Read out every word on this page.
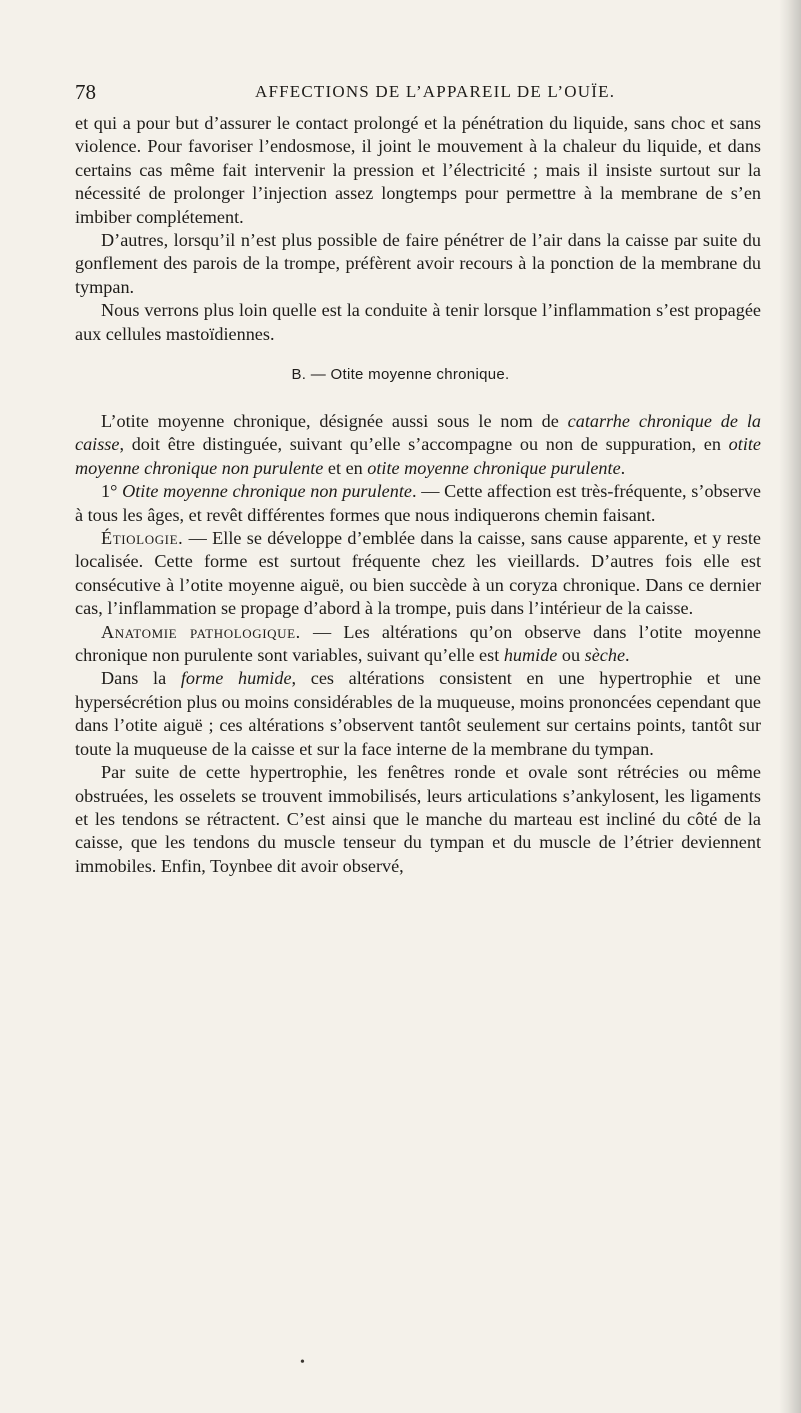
78	AFFECTIONS DE L’APPAREIL DE L’OUÏE.

et qui a pour but d’assurer le contact prolongé et la pénétration du liquide, sans choc et sans violence. Pour favoriser l’endosmose, il joint le mouvement à la chaleur du liquide, et dans certains cas même fait intervenir la pression et l’électricité ; mais il insiste surtout sur la nécessité de prolonger l’injection assez longtemps pour permettre à la membrane de s’en imbiber complétement.

D’autres, lorsqu’il n’est plus possible de faire pénétrer de l’air dans la caisse par suite du gonflement des parois de la trompe, préfèrent avoir recours à la ponction de la membrane du tympan.

Nous verrons plus loin quelle est la conduite à tenir lorsque l’inflammation s’est propagée aux cellules mastoïdiennes.

B. — Otite moyenne chronique.

L’otite moyenne chronique, désignée aussi sous le nom de catarrhe chronique de la caisse, doit être distinguée, suivant qu’elle s’accompagne ou non de suppuration, en otite moyenne chronique non purulente et en otite moyenne chronique purulente.

1° Otite moyenne chronique non purulente. — Cette affection est très-fréquente, s’observe à tous les âges, et revêt différentes formes que nous indiquerons chemin faisant.

Étiologie. — Elle se développe d’emblée dans la caisse, sans cause apparente, et y reste localisée. Cette forme est surtout fréquente chez les vieillards. D’autres fois elle est consécutive à l’otite moyenne aiguë, ou bien succède à un coryza chronique. Dans ce dernier cas, l’inflammation se propage d’abord à la trompe, puis dans l’intérieur de la caisse.

Anatomie pathologique. — Les altérations qu’on observe dans l’otite moyenne chronique non purulente sont variables, suivant qu’elle est humide ou sèche.

Dans la forme humide, ces altérations consistent en une hypertrophie et une hypersécrétion plus ou moins considérables de la muqueuse, moins prononcées cependant que dans l’otite aiguë ; ces altérations s’observent tantôt seulement sur certains points, tantôt sur toute la muqueuse de la caisse et sur la face interne de la membrane du tympan.

Par suite de cette hypertrophie, les fenêtres ronde et ovale sont rétrécies ou même obstruées, les osselets se trouvent immobilisés, leurs articulations s’ankylosent, les ligaments et les tendons se rétractent. C’est ainsi que le manche du marteau est incliné du côté de la caisse, que les tendons du muscle tenseur du tympan et du muscle de l’étrier deviennent immobiles. Enfin, Toynbee dit avoir observé,

•
